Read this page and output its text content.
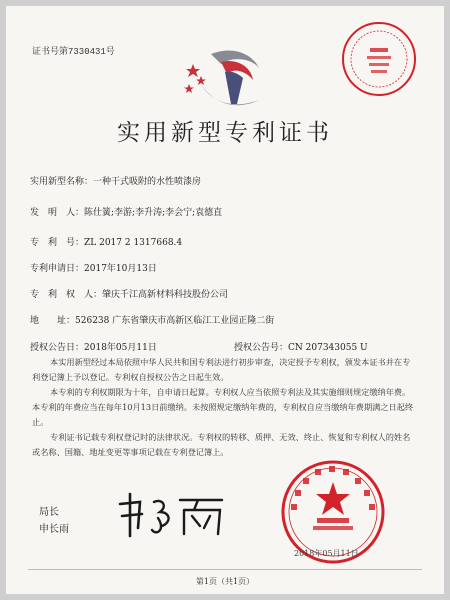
证书号第7330431号
实用新型专利证书
实用新型名称：一种干式吸附的水性喷漆房
发　明　人：陈仕簧;李游;李升涛;李会宁;袁德直
专　利　号：ZL 2017 2 1317668.4
专利申请日：2017年10月13日
专　利　权　人：肇庆千江高新材料科技股份公司
地　　址：526238 广东省肇庆市高新区临江工业园正隆二街
授权公告日：2018年05月11日	授权公告号：CN 207343055 U

本实用新型经过本局依照中华人民共和国专利法进行初步审查，决定授予专利权，颁发本证书并在专利登记簿上予以登记。专利权自授权公告之日起生效。

本专利的专利权期限为十年，自申请日起算。专利权人应当依照专利法及其实施细则规定缴纳年费。本专利的年费应当在每年10月13日前缴纳。未按照规定缴纳年费的，专利权自应当缴纳年费期满之日起终止。

专利证书记载专利权登记时的法律状况。专利权的转移、质押、无效、终止、恢复和专利权人的姓名或名称、国籍、地址变更等事项记载在专利登记簿上。

局长
申长雨
2018年05月11日
第1页（共1页）
